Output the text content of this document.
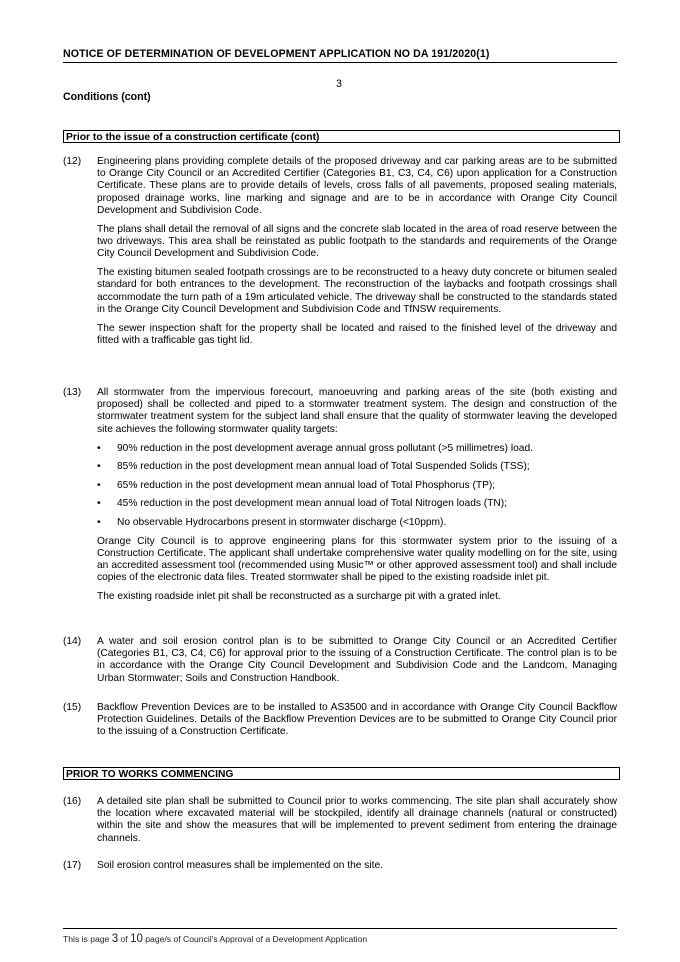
NOTICE OF DETERMINATION OF DEVELOPMENT APPLICATION NO DA 191/2020(1)
3
Conditions (cont)
Prior to the issue of a construction certificate (cont)
(12) Engineering plans providing complete details of the proposed driveway and car parking areas are to be submitted to Orange City Council or an Accredited Certifier (Categories B1, C3, C4, C6) upon application for a Construction Certificate. These plans are to provide details of levels, cross falls of all pavements, proposed sealing materials, proposed drainage works, line marking and signage and are to be in accordance with Orange City Council Development and Subdivision Code.

The plans shall detail the removal of all signs and the concrete slab located in the area of road reserve between the two driveways. This area shall be reinstated as public footpath to the standards and requirements of the Orange City Council Development and Subdivision Code.

The existing bitumen sealed footpath crossings are to be reconstructed to a heavy duty concrete or bitumen sealed standard for both entrances to the development. The reconstruction of the laybacks and footpath crossings shall accommodate the turn path of a 19m articulated vehicle. The driveway shall be constructed to the standards stated in the Orange City Council Development and Subdivision Code and TfNSW requirements.

The sewer inspection shaft for the property shall be located and raised to the finished level of the driveway and fitted with a trafficable gas tight lid.

(13) All stormwater from the impervious forecourt, manoeuvring and parking areas of the site (both existing and proposed) shall be collected and piped to a stormwater treatment system. The design and construction of the stormwater treatment system for the subject land shall ensure that the quality of stormwater leaving the developed site achieves the following stormwater quality targets:

• 90% reduction in the post development average annual gross pollutant (>5 millimetres) load.
• 85% reduction in the post development mean annual load of Total Suspended Solids (TSS);
• 65% reduction in the post development mean annual load of Total Phosphorus (TP);
• 45% reduction in the post development mean annual load of Total Nitrogen loads (TN);
• No observable Hydrocarbons present in stormwater discharge (<10ppm).

Orange City Council is to approve engineering plans for this stormwater system prior to the issuing of a Construction Certificate. The applicant shall undertake comprehensive water quality modelling on for the site, using an accredited assessment tool (recommended using Music™ or other approved assessment tool) and shall include copies of the electronic data files. Treated stormwater shall be piped to the existing roadside inlet pit.

The existing roadside inlet pit shall be reconstructed as a surcharge pit with a grated inlet.

(14) A water and soil erosion control plan is to be submitted to Orange City Council or an Accredited Certifier (Categories B1, C3, C4, C6) for approval prior to the issuing of a Construction Certificate. The control plan is to be in accordance with the Orange City Council Development and Subdivision Code and the Landcom, Managing Urban Stormwater; Soils and Construction Handbook.

(15) Backflow Prevention Devices are to be installed to AS3500 and in accordance with Orange City Council Backflow Protection Guidelines. Details of the Backflow Prevention Devices are to be submitted to Orange City Council prior to the issuing of a Construction Certificate.

PRIOR TO WORKS COMMENCING
(16) A detailed site plan shall be submitted to Council prior to works commencing. The site plan shall accurately show the location where excavated material will be stockpiled, identify all drainage channels (natural or constructed) within the site and show the measures that will be implemented to prevent sediment from entering the drainage channels.

(17) Soil erosion control measures shall be implemented on the site.

This is page 3 of 10 page/s of Council's Approval of a Development Application
